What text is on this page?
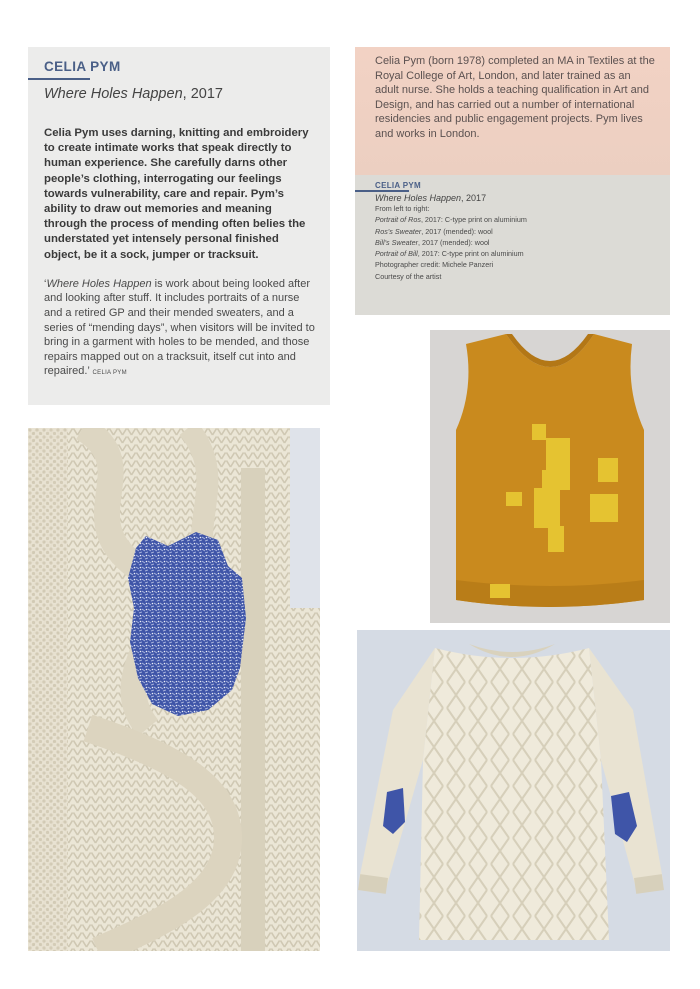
CELIA PYM
Where Holes Happen, 2017

Celia Pym uses darning, knitting and embroidery to create intimate works that speak directly to human experience. She carefully darns other people’s clothing, interrogating our feelings towards vulnerability, care and repair. Pym’s ability to draw out memories and meaning through the process of mending often belies the understated yet intensely personal finished object, be it a sock, jumper or tracksuit.

‘Where Holes Happen is work about being looked after and looking after stuff. It includes portraits of a nurse and a retired GP and their mended sweaters, and a series of “mending days”, when visitors will be invited to bring in a garment with holes to be mended, and those repairs mapped out on a tracksuit, itself cut into and repaired.’ CELIA PYM

Celia Pym (born 1978) completed an MA in Textiles at the Royal College of Art, London, and later trained as an adult nurse. She holds a teaching qualification in Art and Design, and has carried out a number of international residencies and public engagement projects. Pym lives and works in London.

CELIA PYM
Where Holes Happen, 2017
From left to right:
Portrait of Ros, 2017: C-type print on aluminium
Ros’s Sweater, 2017 (mended): wool
Bill’s Sweater, 2017 (mended): wool
Portrait of Bill, 2017: C-type print on aluminium
Photographer credit: Michele Panzeri
Courtesy of the artist
